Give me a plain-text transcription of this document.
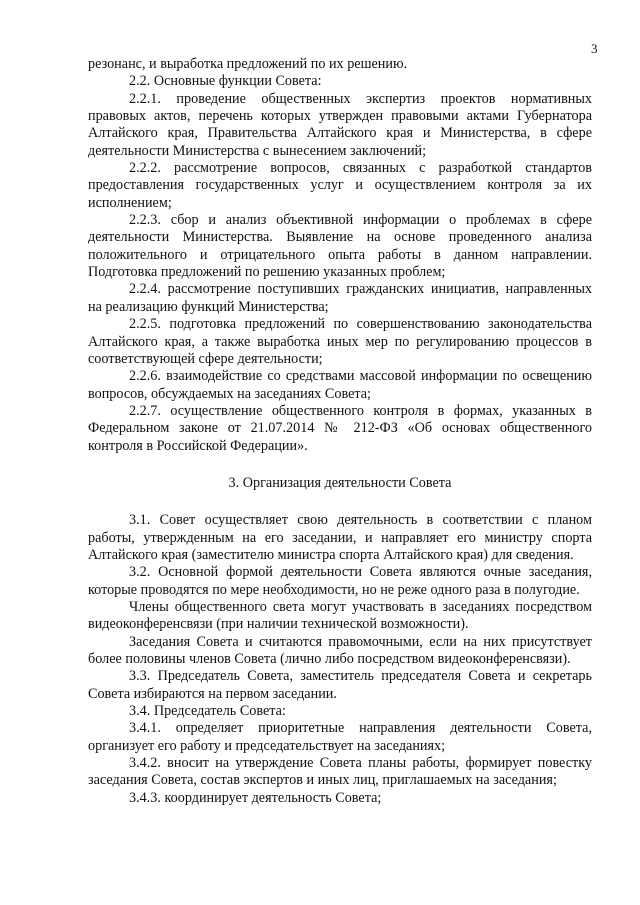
3

резонанс, и выработка предложений по их решению.

2.2. Основные функции Совета:

2.2.1. проведение общественных экспертиз проектов нормативных правовых актов, перечень которых утвержден правовыми актами Губернатора Алтайского края, Правительства Алтайского края и Министерства, в сфере деятельности Министерства с вынесением заключений;

2.2.2. рассмотрение вопросов, связанных с разработкой стандартов предоставления государственных услуг и осуществлением контроля за их исполнением;

2.2.3. сбор и анализ объективной информации о проблемах в сфере деятельности Министерства. Выявление на основе проведенного анализа положительного и отрицательного опыта работы в данном направлении. Подготовка предложений по решению указанных проблем;

2.2.4. рассмотрение поступивших гражданских инициатив, направленных на реализацию функций Министерства;

2.2.5. подготовка предложений по совершенствованию законодательства Алтайского края, а также выработка иных мер по регулированию процессов в соответствующей сфере деятельности;

2.2.6. взаимодействие со средствами массовой информации по освещению вопросов, обсуждаемых на заседаниях Совета;

2.2.7. осуществление общественного контроля в формах, указанных в Федеральном законе от 21.07.2014 № 212-ФЗ «Об основах общественного контроля в Российской Федерации».

3. Организация деятельности Совета

3.1. Совет осуществляет свою деятельность в соответствии с планом работы, утвержденным на его заседании, и направляет его министру спорта Алтайского края (заместителю министра спорта Алтайского края) для сведения.

3.2. Основной формой деятельности Совета являются очные заседания, которые проводятся по мере необходимости, но не реже одного раза в полугодие.

Члены общественного света могут участвовать в заседаниях посредством видеоконференсвязи (при наличии технической возможности).

Заседания Совета и считаются правомочными, если на них присутствует более половины членов Совета (лично либо посредством видеоконференсвязи).

3.3. Председатель Совета, заместитель председателя Совета и секретарь Совета избираются на первом заседании.

3.4. Председатель Совета:

3.4.1. определяет приоритетные направления деятельности Совета, организует его работу и председательствует на заседаниях;

3.4.2. вносит на утверждение Совета планы работы, формирует повестку заседания Совета, состав экспертов и иных лиц, приглашаемых на заседания;

3.4.3. координирует деятельность Совета;
